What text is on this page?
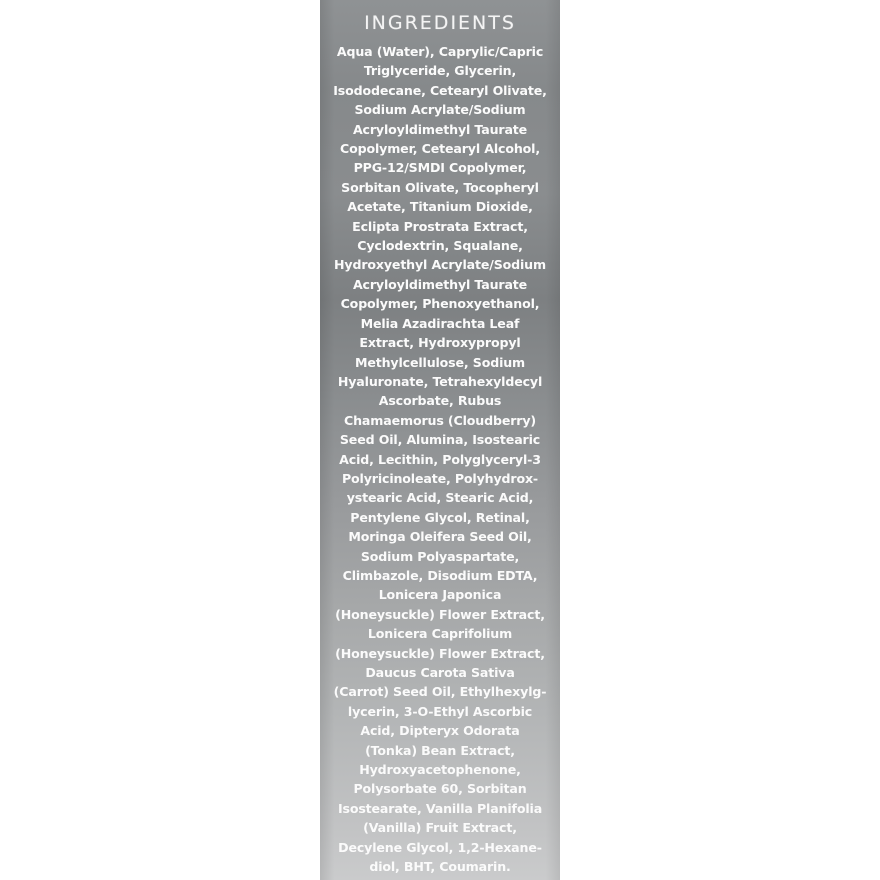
INGREDIENTS
Aqua (Water), Caprylic/Capric
Triglyceride, Glycerin,
Isododecane, Cetearyl Olivate,
Sodium Acrylate/Sodium
Acryloyldimethyl Taurate
Copolymer, Cetearyl Alcohol,
PPG-12/SMDI Copolymer,
Sorbitan Olivate, Tocopheryl
Acetate, Titanium Dioxide,
Eclipta Prostrata Extract,
Cyclodextrin, Squalane,
Hydroxyethyl Acrylate/Sodium
Acryloyldimethyl Taurate
Copolymer, Phenoxyethanol,
Melia Azadirachta Leaf
Extract, Hydroxypropyl
Methylcellulose, Sodium
Hyaluronate, Tetrahexyldecyl
Ascorbate, Rubus
Chamaemorus (Cloudberry)
Seed Oil, Alumina, Isostearic
Acid, Lecithin, Polyglyceryl-3
Polyricinoleate, Polyhydrox-
ystearic Acid, Stearic Acid,
Pentylene Glycol, Retinal,
Moringa Oleifera Seed Oil,
Sodium Polyaspartate,
Climbazole, Disodium EDTA,
Lonicera Japonica
(Honeysuckle) Flower Extract,
Lonicera Caprifolium
(Honeysuckle) Flower Extract,
Daucus Carota Sativa
(Carrot) Seed Oil, Ethylhexylg-
lycerin, 3-O-Ethyl Ascorbic
Acid, Dipteryx Odorata
(Tonka) Bean Extract,
Hydroxyacetophenone,
Polysorbate 60, Sorbitan
Isostearate, Vanilla Planifolia
(Vanilla) Fruit Extract,
Decylene Glycol, 1,2-Hexane-
diol, BHT, Coumarin.
